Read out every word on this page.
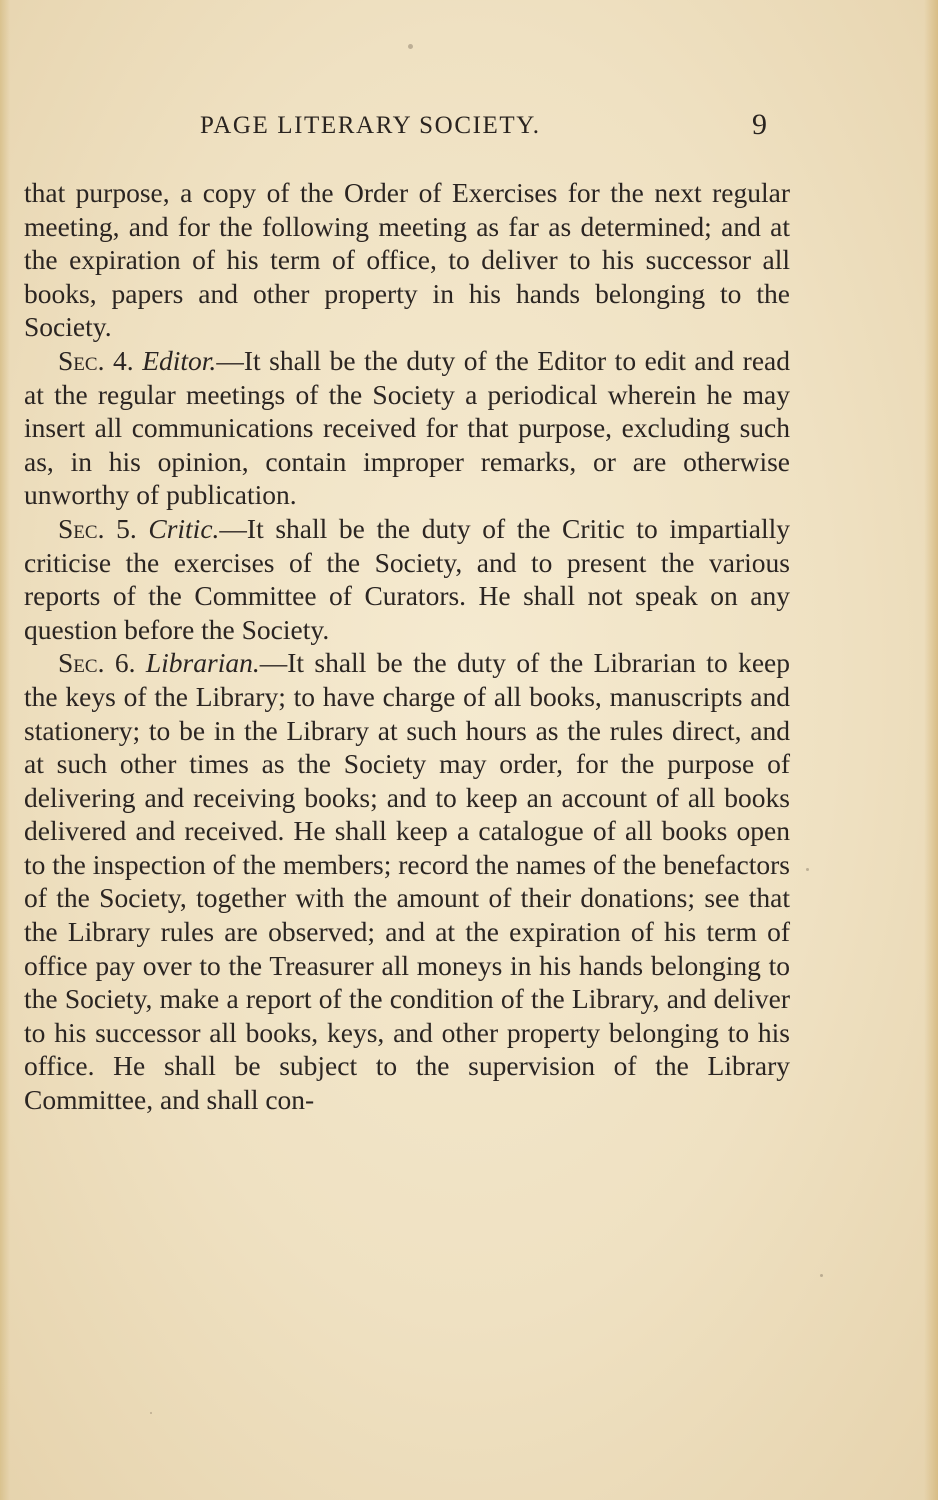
PAGE LITERARY SOCIETY.	9

that purpose, a copy of the Order of Exercises for the next regular meeting, and for the following meeting as far as determined; and at the expiration of his term of office, to deliver to his successor all books, papers and other property in his hands belonging to the Society.

Sec. 4. Editor.—It shall be the duty of the Editor to edit and read at the regular meetings of the Society a periodical wherein he may insert all communications received for that purpose, excluding such as, in his opinion, contain improper remarks, or are otherwise unworthy of publication.

Sec. 5. Critic.—It shall be the duty of the Critic to impartially criticise the exercises of the Society, and to present the various reports of the Committee of Curators. He shall not speak on any question before the Society.

Sec. 6. Librarian.—It shall be the duty of the Librarian to keep the keys of the Library; to have charge of all books, manuscripts and stationery; to be in the Library at such hours as the rules direct, and at such other times as the Society may order, for the purpose of delivering and receiving books; and to keep an account of all books delivered and received. He shall keep a catalogue of all books open to the inspection of the members; record the names of the benefactors of the Society, together with the amount of their donations; see that the Library rules are observed; and at the expiration of his term of office pay over to the Treasurer all moneys in his hands belonging to the Society, make a report of the condition of the Library, and deliver to his successor all books, keys, and other property belonging to his office. He shall be subject to the supervision of the Library Committee, and shall con-
